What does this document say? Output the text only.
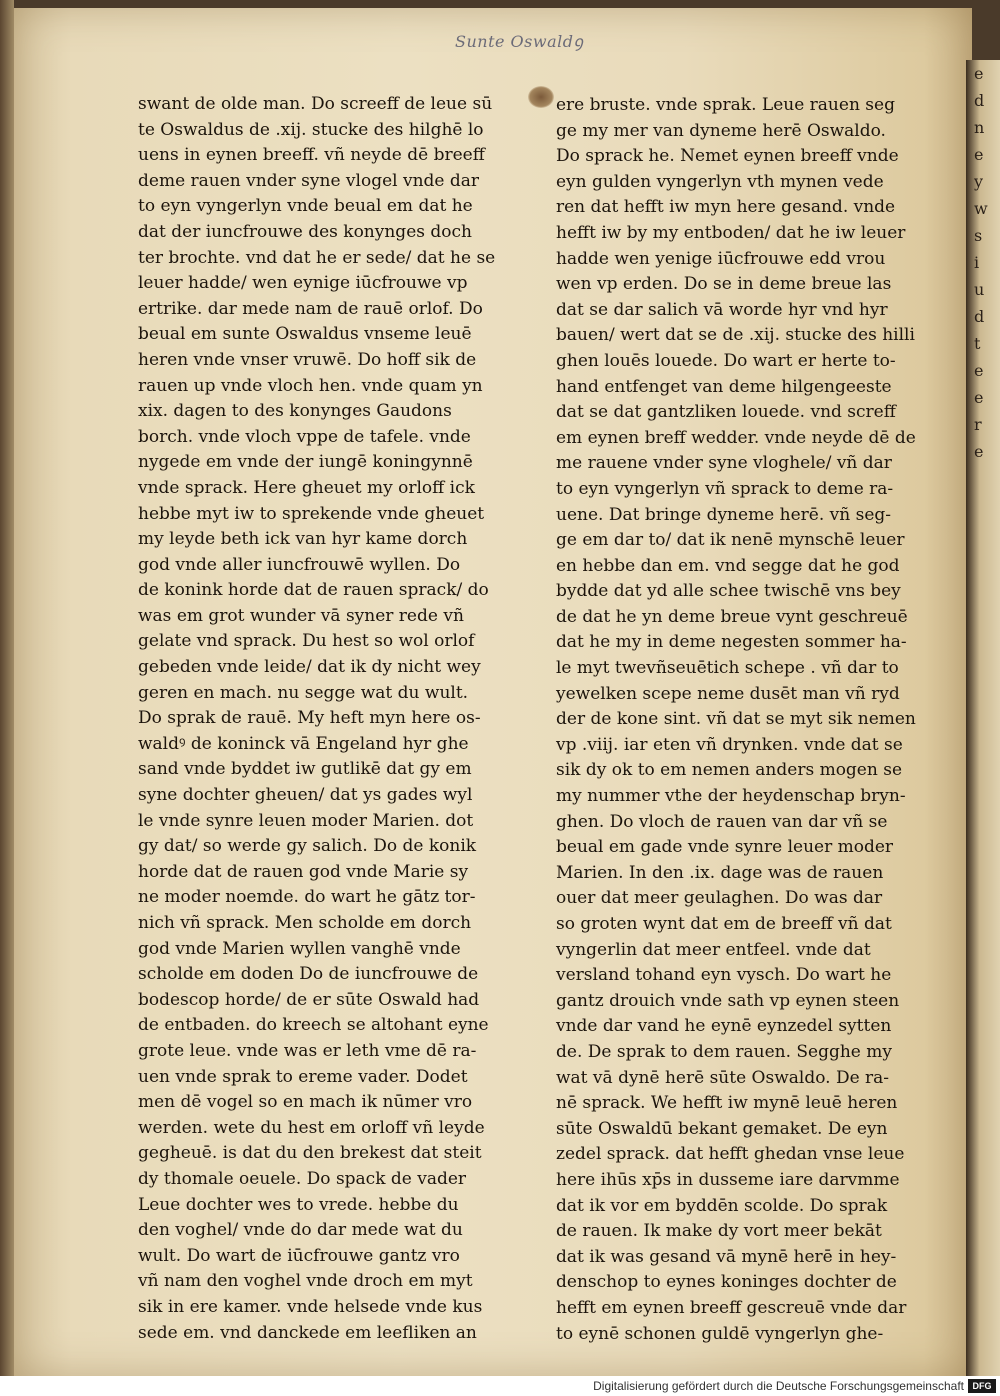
Sunte Oswaldꝯ
swant de olde man. Do screeff de leue sū
te Oswaldus de .xij. stucke des hilghē lo
uens in eynen breeff. vñ neyde dē breeff
deme rauen vnder syne vlogel vnde dar
to eyn vyngerlyn vnde beual em dat he
dat der iuncfrouwe des konynges doch
ter brochte. vnd dat he er sede/ dat he se
leuer hadde/ wen eynige iūcfrouwe vp
ertrike. dar mede nam de rauē orlof. Do
beual em sunte Oswaldus vnseme leuē
heren vnde vnser vruwē. Do hoff sik de
rauen up vnde vloch hen. vnde quam yn
xix. dagen to des konynges Gaudons
borch. vnde vloch vppe de tafele. vnde
nygede em vnde der iungē koningynnē
vnde sprack. Here gheuet my orloff ick
hebbe myt iw to sprekende vnde gheuet
my leyde beth ick van hyr kame dorch
god vnde aller iuncfrouwē wyllen. Do
de konink horde dat de rauen sprack/ do
was em grot wunder vā syner rede vñ
gelate vnd sprack. Du hest so wol orlof
gebeden vnde leide/ dat ik dy nicht wey
geren en mach. nu segge wat du wult.
Do sprak de rauē. My heft myn here os-
waldꝰ de koninck vā Engeland hyr ghe
sand vnde byddet iw gutlikē dat gy em
syne dochter gheuen/ dat ys gades wyl
le vnde synre leuen moder Marien. dot
gy dat/ so werde gy salich. Do de konik
horde dat de rauen god vnde Marie sy
ne moder noemde. do wart he gātz tor-
nich vñ sprack. Men scholde em dorch
god vnde Marien wyllen vanghē vnde
scholde em doden Do de iuncfrouwe de
bodescop horde/ de er sūte Oswald had
de entbaden. do kreech se altohant eyne
grote leue. vnde was er leth vme dē ra-
uen vnde sprak to ereme vader. Dodet
men dē vogel so en mach ik nūmer vro
werden. wete du hest em orloff vñ leyde
gegheuē. is dat du den brekest dat steit
dy thomale oeuele. Do spack de vader
Leue dochter wes to vrede. hebbe du
den voghel/ vnde do dar mede wat du
wult. Do wart de iūcfrouwe gantz vro
vñ nam den voghel vnde droch em myt
sik in ere kamer. vnde helsede vnde kus
sede em. vnd danckede em leefliken an
ere bruste. vnde sprak. Leue rauen seg
ge my mer van dyneme herē Oswaldo.
Do sprack he. Nemet eynen breeff vnde
eyn gulden vyngerlyn vth mynen vede
ren dat hefft iw myn here gesand. vnde
hefft iw by my entboden/ dat he iw leuer
hadde wen yenige iūcfrouwe edd vrou
wen vp erden. Do se in deme breue las
dat se dar salich vā worde hyr vnd hyr
bauen/ wert dat se de .xij. stucke des hilli
ghen louēs louede. Do wart er herte to-
hand entfenget van deme hilgengeeste
dat se dat gantzliken louede. vnd screff
em eynen breff wedder. vnde neyde dē de
me rauene vnder syne vloghele/ vñ dar
to eyn vyngerlyn vñ sprack to deme ra-
uene. Dat bringe dyneme herē. vñ seg-
ge em dar to/ dat ik nenē mynschē leuer
en hebbe dan em. vnd segge dat he god
bydde dat yd alle schee twischē vns bey
de dat he yn deme breue vynt geschreuē
dat he my in deme negesten sommer ha-
le myt twevñseuētich schepe . vñ dar to
yewelken scepe neme dusēt man vñ ryd
der de kone sint. vñ dat se myt sik nemen
vp .viij. iar eten vñ drynken. vnde dat se
sik dy ok to em nemen anders mogen se
my nummer vthe der heydenschap bryn-
ghen. Do vloch de rauen van dar vñ se
beual em gade vnde synre leuer moder
Marien. In den .ix. dage was de rauen
ouer dat meer geulaghen. Do was dar
so groten wynt dat em de breeff vñ dat
vyngerlin dat meer entfeel. vnde dat
versland tohand eyn vysch. Do wart he
gantz drouich vnde sath vp eynen steen
vnde dar vand he eynē eynzedel sytten
de. De sprak to dem rauen. Segghe my
wat vā dynē herē sūte Oswaldo. De ra-
nē sprack. We hefft iw mynē leuē heren
sūte Oswaldū bekant gemaket. De eyn
zedel sprack. dat hefft ghedan vnse leue
here ihūs xp̄s in dusseme iare darvmme
dat ik vor em byddēn scolde. Do sprak
de rauen. Ik make dy vort meer bekāt
dat ik was gesand vā mynē herē in hey-
denschop to eynes koninges dochter de
hefft em eynen breeff gescreuē vnde dar
to eynē schonen guldē vyngerlyn ghe-
e
d
n
e
y
w
s
i
u
d
t
e
e
r
e
Digitalisierung gefördert durch die Deutsche Forschungsgemeinschaft DFG
